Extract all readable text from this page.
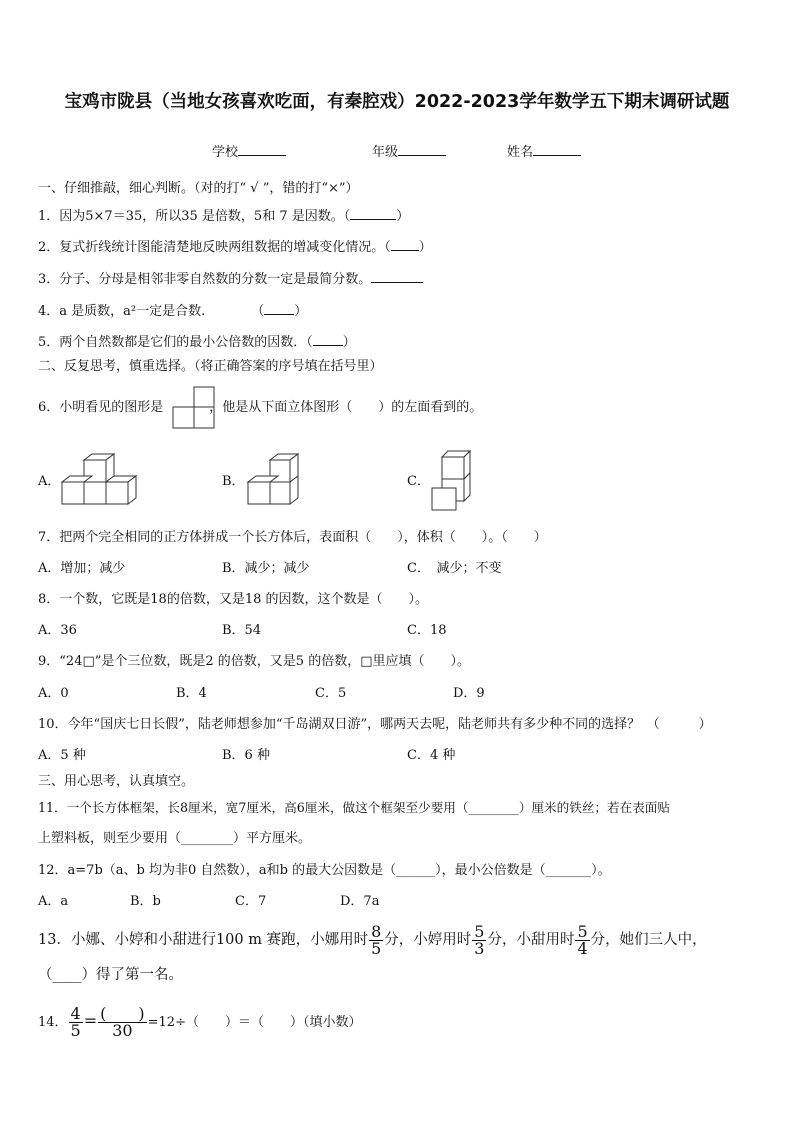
宝鸡市陇县（当地女孩喜欢吃面，有秦腔戏）2022-2023学年数学五下期末调研试题
学校	年级	姓名
一、仔细推敲，细心判断。（对的打“ √ ”，错的打“×”）
1．因为5×7＝35，所以35 是倍数，5和 7 是因数。（	）
2．复式折线统计图能清楚地反映两组数据的增减变化情况。（ ）
3．分子、分母是相邻非零自然数的分数一定是最简分数。
4．a 是质数，a²一定是合数.	（ ）
5．两个自然数都是它们的最小公倍数的因数．（ ）
二、反复思考，慎重选择。（将正确答案的序号填在括号里）
6．小明看见的图形是	，他是从下面立体图形（　　）的左面看到的。
A．	B．	C．
7．把两个完全相同的正方体拼成一个长方体后，表面积（　　），体积（　　）。（　　）
A．增加；减少	B．减少；减少	C．　减少；不变
8．一个数，它既是18的倍数，又是18 的因数，这个数是（　　）。
A．36	B．54	C．18
9．“24□”是个三位数，既是2 的倍数，又是5 的倍数，□里应填（　　）。
A．0	B．4	C．5	D．9
10．今年“国庆七日长假”，陆老师想参加“千岛湖双日游”，哪两天去呢，陆老师共有多少种不同的选择？　（　　　）
A．5 种	B．6 种	C．4 种
三、用心思考，认真填空。
11．一个长方体框架，长8厘米，宽7厘米，高6厘米，做这个框架至少要用（________）厘米的铁丝；若在表面贴
上塑料板，则至少要用（________）平方厘米。
12．a=7b（a、b 均为非0 自然数），a和b 的最大公因数是（______），最小公倍数是（_______）。
A．a	B．b	C．7	D．7a
13．小娜、小婷和小甜进行100 m 赛跑，小娜用时 $\frac{8}{5}$ 分，小婷用时 $\frac{5}{3}$ 分，小甜用时 $\frac{5}{4}$ 分，她们三人中，
（____）得了第一名。
14． $\frac{4}{5} = \frac{( )}{30} =12\div$（　　）＝（　　）（填小数）
